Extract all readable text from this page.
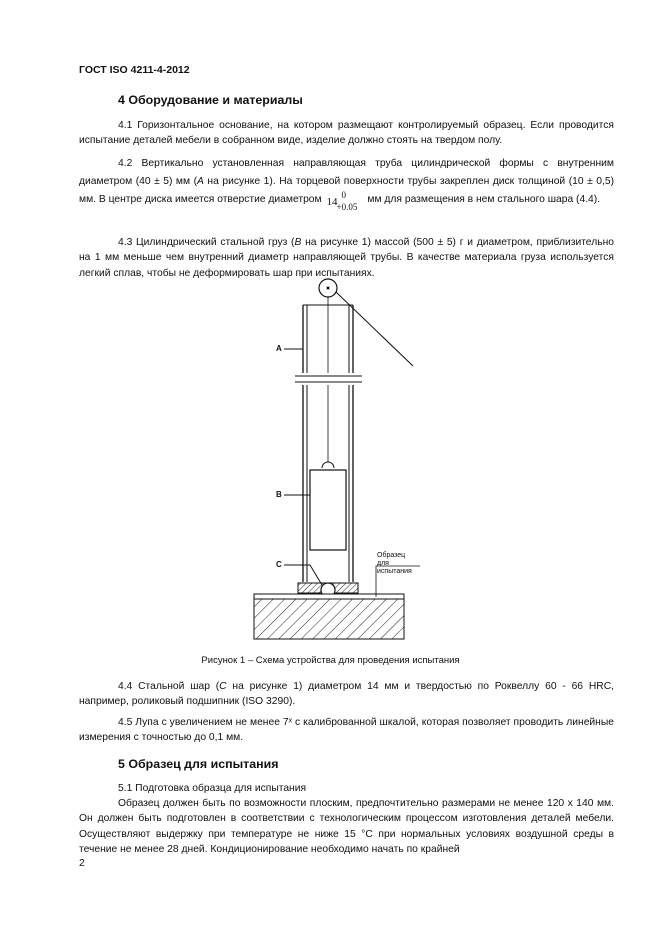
ГОСТ ISO 4211-4-2012
4 Оборудование и материалы

4.1 Горизонтальное основание, на котором размещают контролируемый образец. Если проводится испытание деталей мебели в собранном виде, изделие должно стоять на твердом полу.

4.2 Вертикально установленная направляющая труба цилиндрической формы с внутренним диаметром (40 ± 5) мм (A на рисунке 1). На торцевой поверхности трубы закреплен диск толщиной (10 ± 0,5) мм. В центре диска имеется отверстие диаметром 14
0
+0.05
мм для размещения в нем стального шара (4.4).

4.3 Цилиндрический стальной груз (B на рисунке 1) массой (500 ± 5) г и диаметром, приблизительно на 1 мм меньше чем внутренний диаметр направляющей трубы. В качестве материала груза используется легкий сплав, чтобы не деформировать шар при испытаниях.

A
B
C
Образец
для испытания
Рисунок 1 – Схема устройства для проведения испытания

4.4 Стальной шар (C на рисунке 1) диаметром 14 мм и твердостью по Роквеллу 60 - 66 HRC, например, роликовый подшипник (ISO 3290).

4.5 Лупа с увеличением не менее 7ˣ с калиброванной шкалой, которая позволяет проводить линейные измерения с точностью до 0,1 мм.

5 Образец для испытания

5.1 Подготовка образца для испытания

Образец должен быть по возможности плоским, предпочтительно размерами не менее 120 х 140 мм. Он должен быть подготовлен в соответствии с технологическим процессом изготовления деталей мебели. Осуществляют выдержку при температуре не ниже 15 °С при нормальных условиях воздушной среды в течение не менее 28 дней. Кондиционирование необходимо начать по крайней

2
